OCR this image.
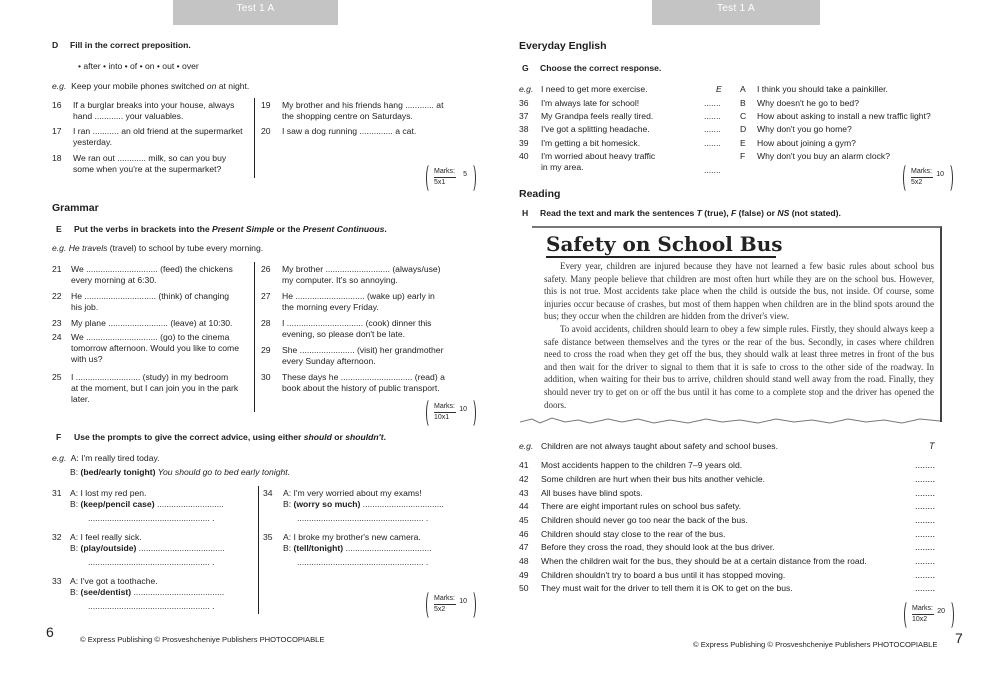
Test 1 A
D Fill in the correct preposition.
• after • into • of • on • out • over
e.g. Keep your mobile phones switched on at night.
16	If a burglar breaks into your house, always
hand ............ your valuables.
17	I ran ........... an old friend at the supermarket
yesterday.
18	We ran out ............ milk, so can you buy
some when you're at the supermarket?
19	My brother and his friends hang ............ at
the shopping centre on Saturdays.
20	I saw a dog running .............. a cat.
Marks:
5x1
5
Grammar
E Put the verbs in brackets into the Present Simple or the Present Continuous.
e.g. He travels (travel) to school by tube every morning.
21	We .............................. (feed) the chickens
every morning at 6:30.
22	He .............................. (think) of changing
his job.
23	My plane ......................... (leave) at 10:30.
24	We .............................. (go) to the cinema
tomorrow afternoon. Would you like to come
with us?
25	I ........................... (study) in my bedroom
at the moment, but I can join you in the park
later.
26	My brother ........................... (always/use)
my computer. It's so annoying.
27	He ............................. (wake up) early in
the morning every Friday.
28	I ................................ (cook) dinner this
evening, so please don't be late.
29	She ....................... (visit) her grandmother
every Sunday afternoon.
30	These days he .............................. (read) a
book about the history of public transport.
Marks:
10x1
10
F Use the prompts to give the correct advice, using either should or shouldn't.
e.g. A: I'm really tired today.
B: (bed/early tonight) You should go to bed early tonight.
31 A: I lost my red pen.
B: (keep/pencil case) ............................
................................................... .
32 A: I feel really sick.
B: (play/outside) ....................................
................................................... .
33 A: I've got a toothache.
B: (see/dentist) ......................................
................................................... .
34	A: I'm very worried about my exams!
B: (worry so much) ..................................
..................................................... .
35	A: I broke my brother's new camera.
B: (tell/tonight) ....................................
..................................................... .
Marks:
5x2
10
6	© Express Publishing © Prosveshcheniye Publishers PHOTOCOPIABLE
Test 1 A
Everyday English
G Choose the correct response.
e.g. I need to get more exercise.	E
36	I'm always late for school!	.......
37	My Grandpa feels really tired.	.......
38	I've got a splitting headache.	.......
39	I'm getting a bit homesick.	.......
40	I'm worried about heavy traffic
in my area.	.......
A	I think you should take a painkiller.
B	Why doesn't he go to bed?
C	How about asking to install a new traffic light?
D	Why don't you go home?
E	How about joining a gym?
F	Why don't you buy an alarm clock?
Marks:
5x2
10
Reading
H Read the text and mark the sentences T (true), F (false) or NS (not stated).
Safety on School Bus

Every year, children are injured because they have not learned a few basic rules about school bus safety. Many people believe that children are most often hurt while they are on the school bus. However, this is not true. Most accidents take place when the child is outside the bus, not inside. Of course, some injuries occur because of crashes, but most of them happen when children are in the blind spots around the bus; they occur when the children are hidden from the driver's view.

To avoid accidents, children should learn to obey a few simple rules. Firstly, they should always keep a safe distance between themselves and the tyres or the rear of the bus. Secondly, in cases where children need to cross the road when they get off the bus, they should walk at least three metres in front of the bus and then wait for the driver to signal to them that it is safe to cross to the other side of the roadway. In addition, when waiting for their bus to arrive, children should stand well away from the road. Finally, they should never try to get on or off the bus until it has come to a complete stop and the driver has opened the doors.

e.g. Children are not always taught about safety and school buses.	T
41	Most accidents happen to the children 7–9 years old.	........
42	Some children are hurt when their bus hits another vehicle.	........
43	All buses have blind spots.	........
44	There are eight important rules on school bus safety.	........
45	Children should never go too near the back of the bus.	........
46	Children should stay close to the rear of the bus.	........
47	Before they cross the road, they should look at the bus driver.	........
48	When the children wait for the bus, they should be at a certain distance from the road.	........
49	Children shouldn't try to board a bus until it has stopped moving.	........
50	They must wait for the driver to tell them it is OK to get on the bus.	........
Marks:
10x2
20
© Express Publishing © Prosveshcheniye Publishers PHOTOCOPIABLE 7
